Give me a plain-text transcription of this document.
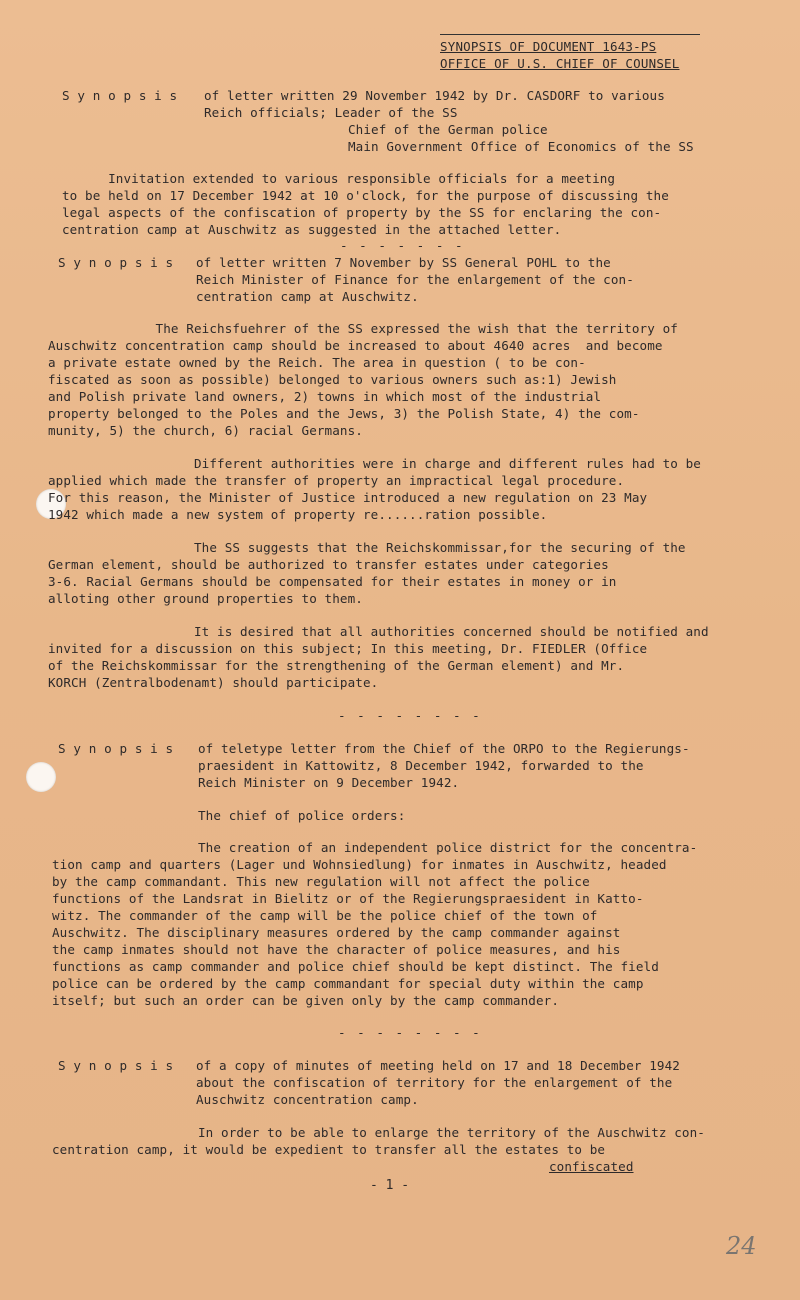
SYNOPSIS OF DOCUMENT 1643-PS
OFFICE OF U.S. CHIEF OF COUNSEL
S y n o p s i s of letter written 29 November 1942 by Dr. CASDORF to various
Reich officials; Leader of the SS
Chief of the German police
Main Government Office of Economics of the SS
Invitation extended to various responsible officials for a meeting
to be held on 17 December 1942 at 10 o'clock, for the purpose of discussing the
legal aspects of the confiscation of property by the SS for enclaring the con-
centration camp at Auschwitz as suggested in the attached letter.
- - - - - - -
S y n o p s i s of letter written 7 November by SS General POHL to the
Reich Minister of Finance for the enlargement of the con-
centration camp at Auschwitz.
The Reichsfuehrer of the SS expressed the wish that the territory of
Auschwitz concentration camp should be increased to about 4640 acres  and become
a private estate owned by the Reich. The area in question ( to be con-
fiscated as soon as possible) belonged to various owners such as:1) Jewish
and Polish private land owners, 2) towns in which most of the industrial
property belonged to the Poles and the Jews, 3) the Polish State, 4) the com-
munity, 5) the church, 6) racial Germans.
Different authorities were in charge and different rules had to be
applied which made the transfer of property an impractical legal procedure.
For this reason, the Minister of Justice introduced a new regulation on 23 May
1942 which made a new system of property re......ration possible.
The SS suggests that the Reichskommissar,for the securing of the
German element, should be authorized to transfer estates under categories
3-6. Racial Germans should be compensated for their estates in money or in
alloting other ground properties to them.
It is desired that all authorities concerned should be notified and
invited for a discussion on this subject; In this meeting, Dr. FIEDLER (Office
of the Reichskommissar for the strengthening of the German element) and Mr.
KORCH (Zentralbodenamt) should participate.
- - - - - - - -
S y n o p s i s of teletype letter from the Chief of the ORPO to the Regierungs-
praesident in Kattowitz, 8 December 1942, forwarded to the
Reich Minister on 9 December 1942.
The chief of police orders:
The creation of an independent police district for the concentra-
tion camp and quarters (Lager und Wohnsiedlung) for inmates in Auschwitz, headed
by the camp commandant. This new regulation will not affect the police
functions of the Landsrat in Bielitz or of the Regierungspraesident in Katto-
witz. The commander of the camp will be the police chief of the town of
Auschwitz. The disciplinary measures ordered by the camp commander against
the camp inmates should not have the character of police measures, and his
functions as camp commander and police chief should be kept distinct. The field
police can be ordered by the camp commandant for special duty within the camp
itself; but such an order can be given only by the camp commander.
- - - - - - - -
S y n o p s i s of a copy of minutes of meeting held on 17 and 18 December 1942
about the confiscation of territory for the enlargement of the
Auschwitz concentration camp.
In order to be able to enlarge the territory of the Auschwitz con-
centration camp, it would be expedient to transfer all the estates to be
confiscated
- 1 -
24
